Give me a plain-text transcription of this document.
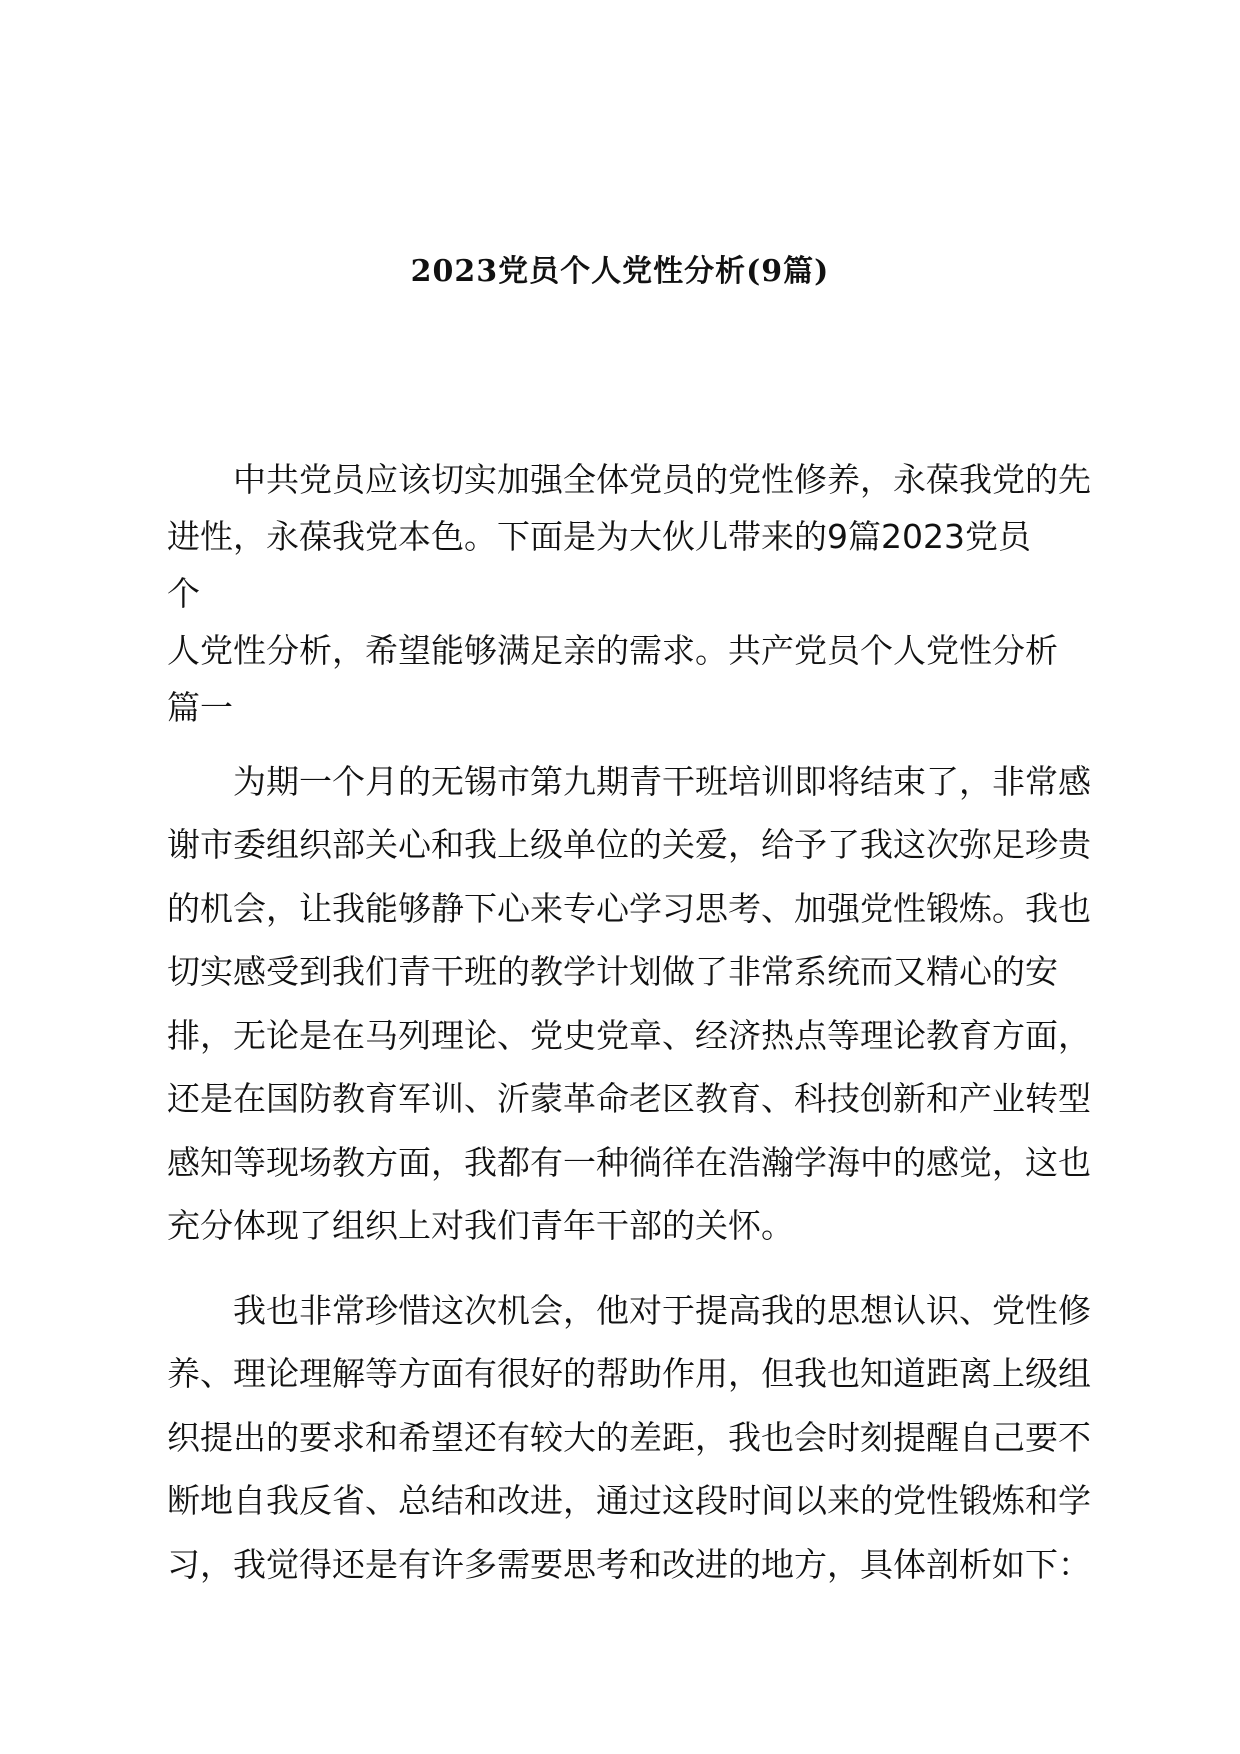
2023党员个人党性分析(9篇)

中共党员应该切实加强全体党员的党性修养，永葆我党的先

进性，永葆我党本色。下面是为大伙儿带来的9篇2023党员

个

人党性分析，希望能够满足亲的需求。共产党员个人党性分析

篇一

为期一个月的无锡市第九期青干班培训即将结束了，非常感

谢市委组织部关心和我上级单位的关爱，给予了我这次弥足珍贵

的机会，让我能够静下心来专心学习思考、加强党性锻炼。我也

切实感受到我们青干班的教学计划做了非常系统而又精心的安

排，无论是在马列理论、党史党章、经济热点等理论教育方面，

还是在国防教育军训、沂蒙革命老区教育、科技创新和产业转型

感知等现场教方面，我都有一种徜徉在浩瀚学海中的感觉，这也

充分体现了组织上对我们青年干部的关怀。

我也非常珍惜这次机会，他对于提高我的思想认识、党性修

养、理论理解等方面有很好的帮助作用，但我也知道距离上级组

织提出的要求和希望还有较大的差距，我也会时刻提醒自己要不

断地自我反省、总结和改进，通过这段时间以来的党性锻炼和学

习，我觉得还是有许多需要思考和改进的地方，具体剖析如下：
